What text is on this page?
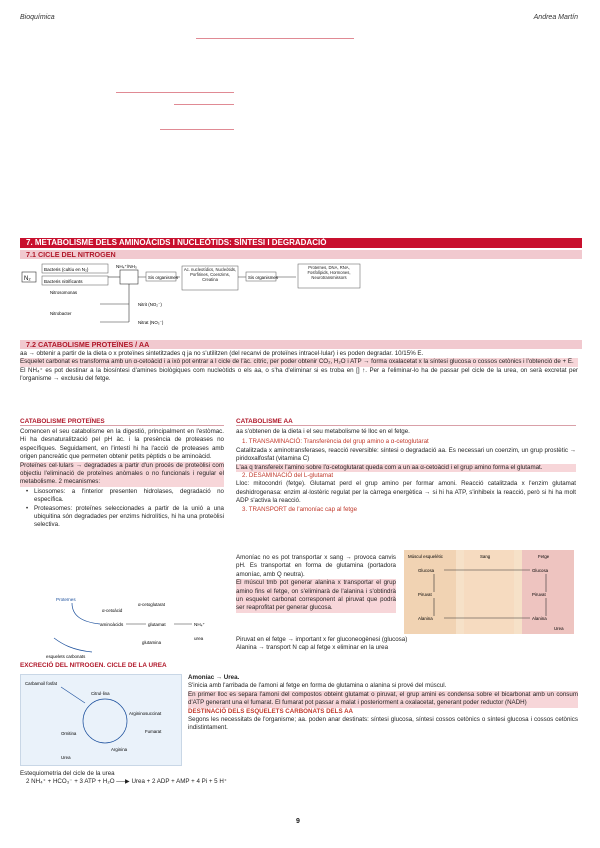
Bioquímica	Andrea Martín
7. METABOLISME DELS AMINOÀCIDS I NUCLEÒTIDS: SÍNTESI I DEGRADACIÓ
7.1 CICLE DEL NITROGEN
N₂
Bacteris (cultiu en N₂)
Bacteris nitrificants
NH₄⁺/NH₃
Sis organismes
Ac. nucleotídics, Nucleòtids, Porfirines, Coenzims, Creatina	Sis organismes
Proteïnes, DNA, RNA, Fosfolípids, Hormones, Neurotransmissors
Nitrosomonas
Nitrobacter
Nitrit (NO₂⁻)
Nitrat (NO₃⁻)
7.2 CATABOLISME PROTEÏNES / AA
aa → obtenir a partir de la dieta o x proteïnes sintetitzades q ja no s'utilitzen (del recanvi de proteïnes intracel·lular) i es poden degradar. 10/15% E.
Esquelet carbonat es transforma amb un α-cetoàcid i a ixò pot entrar a l cicle de l'àc. cítric, per poder obtenir CO₂, H₂O i ATP → forma oxalacetat x la síntesi glucosa o cossos cetònics i l'obtenció de + E.
El NH₄⁺ es pot destinar a la biosíntesi d'amines biològiques com nucleòtids o els aa, o s'ha d'eliminar si es troba en [] ↑. Per a l'eliminar-lo ha de passar pel cicle de la urea, on serà excretat per l'organisme → exclusiu del fetge.
CATABOLISME PROTEÏNES
Comencen el seu catabolisme en la digestió, principalment en l'estòmac. Hi ha desnaturalització pel pH àc. i la presència de proteases no específiques. Seguidament, en l'intestí hi ha l'acció de proteases amb origen pancreàtic que permeten obtenir petits pèptids o be aminoàcid.
Proteïnes cel·lulars → degradades a partir d'un procés de proteòlisi com objectiu l'eliminació de proteïnes anòmales o no funcionals i regular el metabolisme. 2 mecanismes:
• Lisosomes: a l'interior presenten hidrolases, degradació no específica.
• Proteasomes: proteïnes seleccionades a partir de la unió a una ubiquitina són degradades per enzims hidrolítics, hi ha una proteòlisi selectiva.
Proteïnes
aminoàcids
α-cetoàcid
glutamat	NH₄⁺
urea
α-cetoglutarat
glutamina
esquelets carbonats
CATABOLISME AA
aa s'obtenen de la dieta i el seu metabolisme té lloc en el fetge.
1. TRANSAMINACIÓ: Transferència del grup amino a α-cetoglutarat
Catalitzada x aminotransferases, reacció reversible: síntesi o degradació aa. Es necessari un coenzim, un grup prostètic → piridoxalfosfat (vitamina C)
L'aa q transfereix l'amino sobre l'α-cetoglutarat queda com a un aa α-cetoàcid i el grup amino forma el glutamat.
2. DESAMINACIÓ del L-glutamat
Lloc: mitocondri (fetge). Glutamat perd el grup amino per formar amoni. Reacció catalitzada x l'enzim glutamat deshidrogenasa: enzim al·lostèric regulat per la càrrega energètica → si hi ha ATP, s'inhibeix la reacció, però si hi ha molt ADP s'activa la reacció.
3. TRANSPORT de l'amoníac cap al fetge
Amoníac no es pot transportar x sang → provoca canvis pH. Es transportat en forma de glutamina (portadora amoníac, amb Q neutra).
El múscul tmb pot generar alanina x transportar el grup amino fins el fetge, on s'eliminarà de l'alanina i s'obtindrà un esquelet carbonat corresponent al piruvat que podrà ser reaprofitat per generar glucosa.
Piruvat en el fetge → important x fer gluconeogènesi (glucosa)
Alanina → transport N cap al fetge x eliminar en la urea
Múscul esquelètic	Sang	Fetge
Glucosa
Piruvat
Alanina
Glucosa
Piruvat
Alanina
Urea
EXCRECIÓ DEL NITROGEN. CICLE DE LA UREA
Carbamoil fosfat
Citrul·lina
Argininosuccinat
Arginina
Ornitina	Fumarat
Urea
Amoníac → Urea.
S'inicia amb l'arribada de l'amoni al fetge en forma de glutamina o alanina si prové del múscul.
En primer lloc es separa l'amoni del compostos obteint glutamat o piruvat, el grup amini es condensa sobre el bicarbonat amb un consum d'ATP generant una el fumarat. El fumarat pot passar a malat i posteriorment a oxalacetat, generant poder reductor (NADH)
DESTINACIÓ DELS ESQUELETS CARBONATS DELS AA
Segons les necessitats de l'organisme; aa. poden anar destinats: síntesi glucosa, síntesi cossos cetònics o síntesi glucosa i cossos cetònics indistintament.
Estequiometria del cicle de la urea
2 NH₄⁺ + HCO₃⁻ + 3 ATP + H₂O ──▶ Urea + 2 ADP + AMP + 4 Pi + 5 H⁺
9
